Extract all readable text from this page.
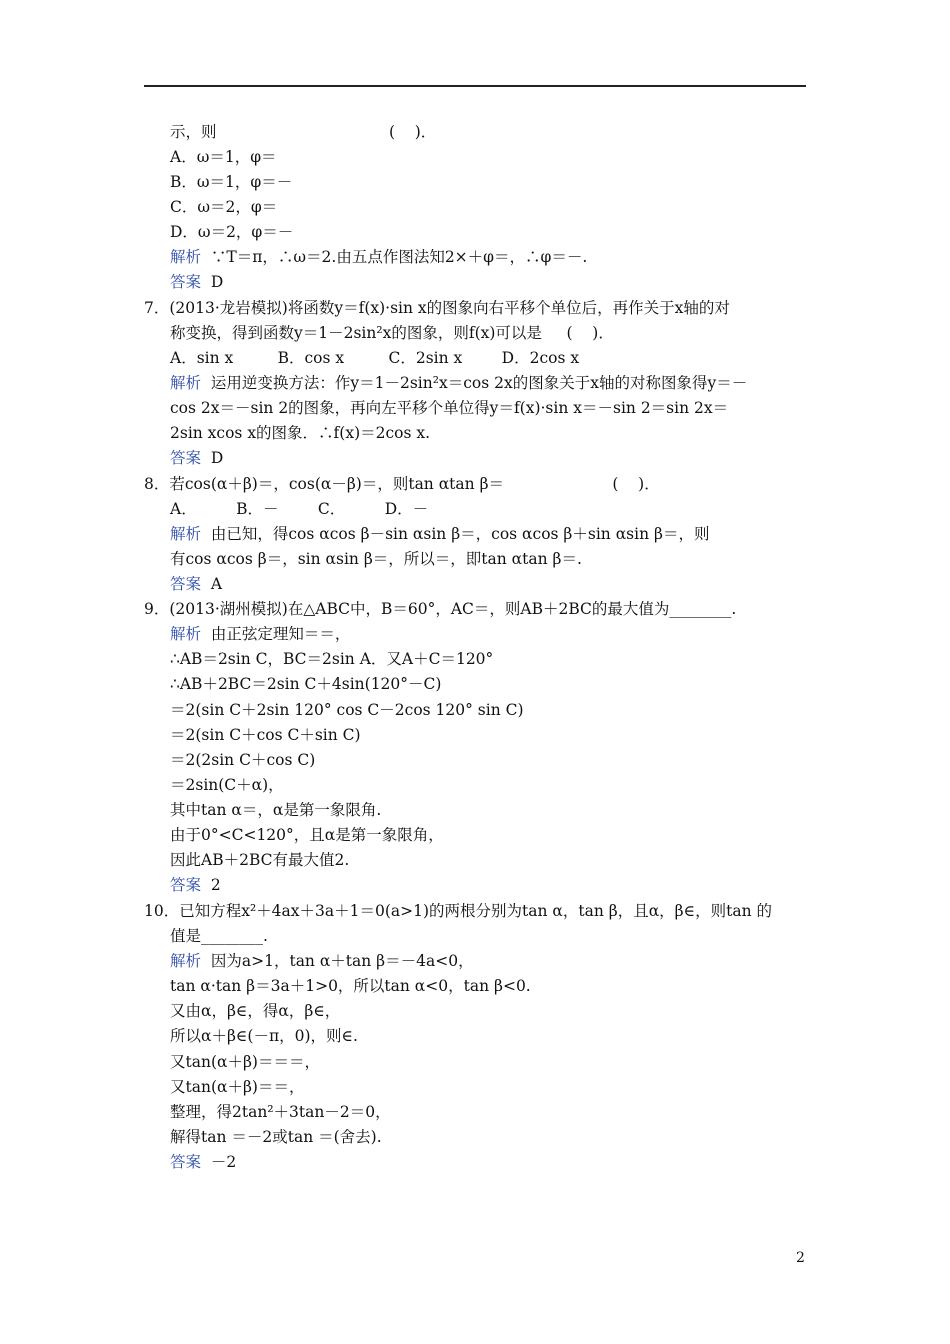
示，则                                   (    )．
A．ω＝1，φ＝
B．ω＝1，φ＝－
C．ω＝2，φ＝
D．ω＝2，φ＝－
解析  ∵T＝π，∴ω＝2.由五点作图法知2×＋φ＝，∴φ＝－.
答案  D
7．(2013·龙岩模拟)将函数y＝f(x)·sin x的图象向右平移个单位后，再作关于x轴的对
称变换，得到函数y＝1－2sin²x的图象，则f(x)可以是     (    )．
A．sin x         B．cos x         C．2sin x        D．2cos x
解析  运用逆变换方法：作y＝1－2sin²x＝cos 2x的图象关于x轴的对称图象得y＝－
cos 2x＝－sin 2的图象，再向左平移个单位得y＝f(x)·sin x＝－sin 2＝sin 2x＝
2sin xcos x的图象．∴f(x)＝2cos x.
答案  D
8．若cos(α＋β)＝，cos(α－β)＝，则tan αtan β＝                      (    )．
A．        B．－        C．        D．－
解析  由已知，得cos αcos β－sin αsin β＝，cos αcos β＋sin αsin β＝，则
有cos αcos β＝，sin αsin β＝，所以＝，即tan αtan β＝.
答案  A
9．(2013·湖州模拟)在△ABC中，B＝60°，AC＝，则AB＋2BC的最大值为________.
解析  由正弦定理知＝＝，
∴AB＝2sin C，BC＝2sin A．又A＋C＝120°
∴AB＋2BC＝2sin C＋4sin(120°－C)
＝2(sin C＋2sin 120° cos C－2cos 120° sin C)
＝2(sin C＋cos C＋sin C)
＝2(2sin C＋cos C)
＝2sin(C＋α)，
其中tan α＝，α是第一象限角.
由于0°<C<120°，且α是第一象限角，
因此AB＋2BC有最大值2.
答案  2
10．已知方程x²＋4ax＋3a＋1＝0(a>1)的两根分别为tan α，tan β，且α，β∈，则tan 的
值是________.
解析  因为a>1，tan α＋tan β＝－4a<0，
tan α·tan β＝3a＋1>0，所以tan α<0，tan β<0.
又由α，β∈，得α，β∈，
所以α＋β∈(－π，0)，则∈.
又tan(α＋β)＝＝＝，
又tan(α＋β)＝＝，
整理，得2tan²＋3tan－2＝0，
解得tan ＝－2或tan ＝(舍去).
答案  －2
2
